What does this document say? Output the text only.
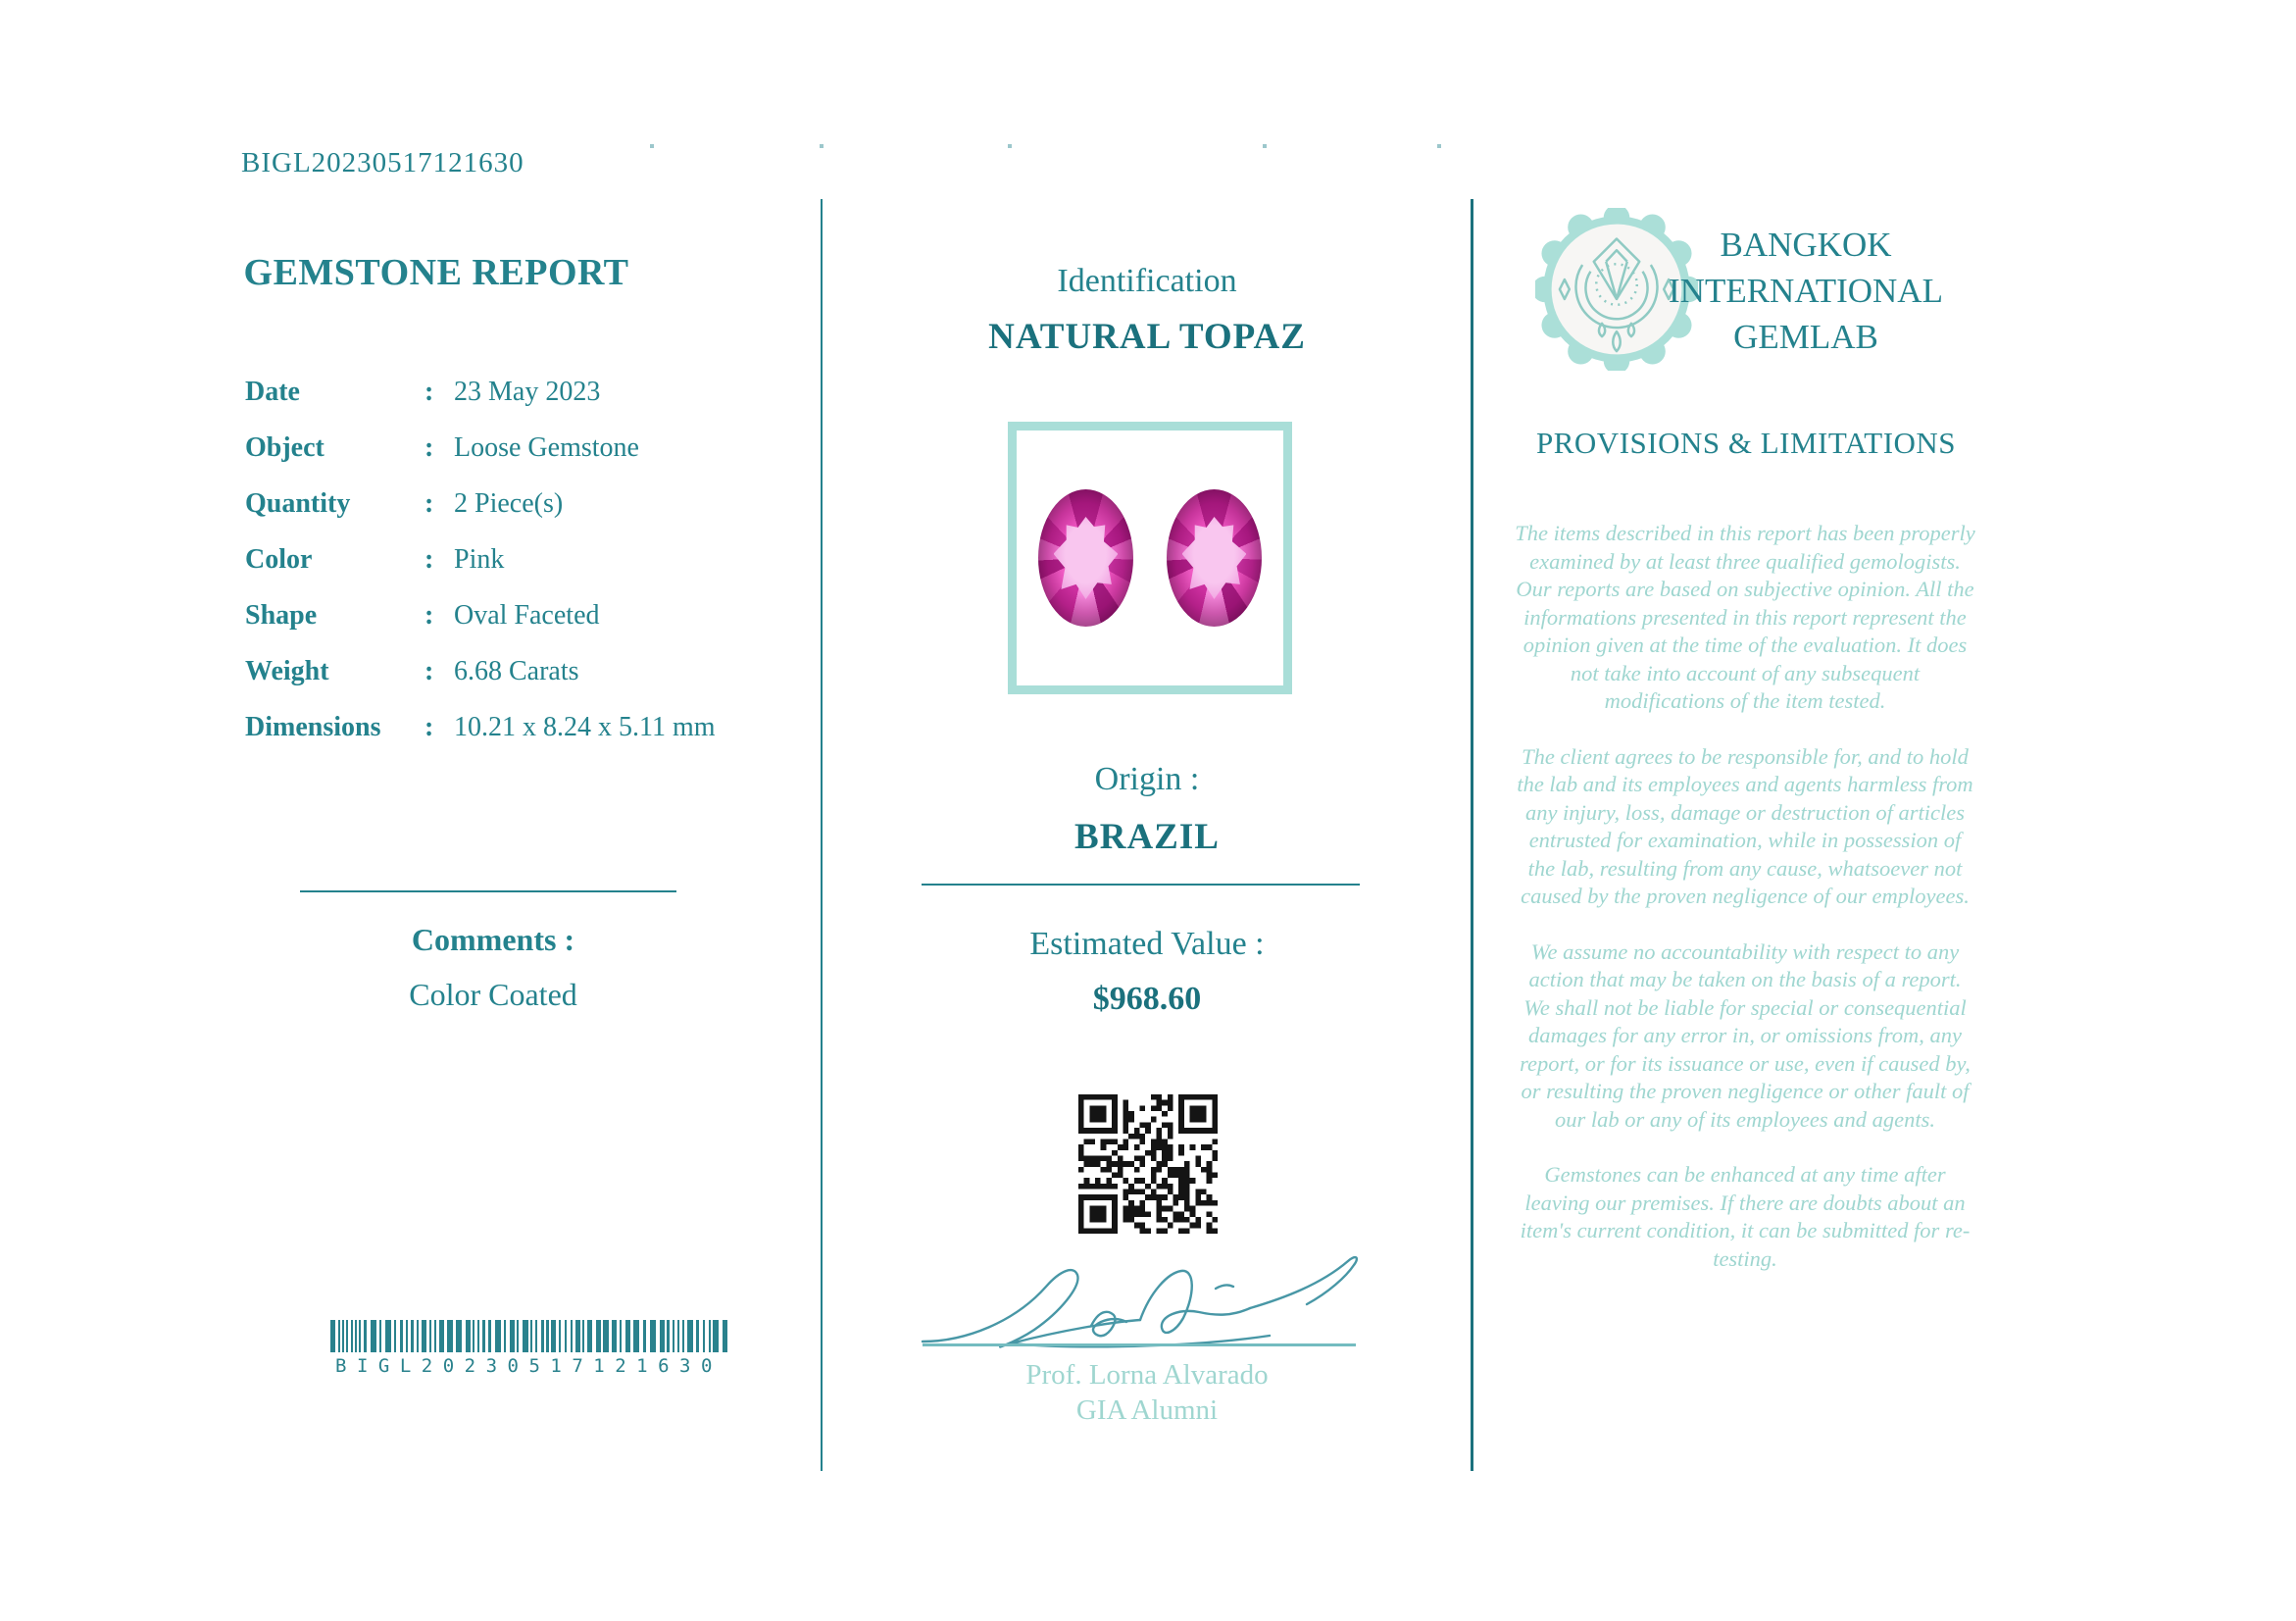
BIGL20230517121630
GEMSTONE REPORT
Date	: 23 May 2023
Object	: Loose Gemstone
Quantity	: 2 Piece(s)
Color	: Pink
Shape	: Oval Faceted
Weight	: 6.68 Carats
Dimensions	: 10.21 x 8.24 x 5.11 mm
Comments :
Color Coated
BIGL20230517121630
Identification
NATURAL TOPAZ
Origin :
BRAZIL
Estimated Value :
$968.60
Prof. Lorna Alvarado
GIA Alumni
BANGKOK
INTERNATIONAL
GEMLAB
PROVISIONS & LIMITATIONS

The items described in this report has been properly examined by at least three qualified gemologists. Our reports are based on subjective opinion. All the informations presented in this report represent the opinion given at the time of the evaluation. It does not take into account of any subsequent modifications of the item tested.

The client agrees to be responsible for, and to hold the lab and its employees and agents harmless from any injury, loss, damage or destruction of articles entrusted for examination, while in possession of the lab, resulting from any cause, whatsoever not caused by the proven negligence of our employees.

We assume no accountability with respect to any action that may be taken on the basis of a report. We shall not be liable for special or consequential damages for any error in, or omissions from, any report, or for its issuance or use, even if caused by, or resulting the proven negligence or other fault of our lab or any of its employees and agents.

Gemstones can be enhanced at any time after leaving our premises. If there are doubts about an item's current condition, it can be submitted for re-testing.
